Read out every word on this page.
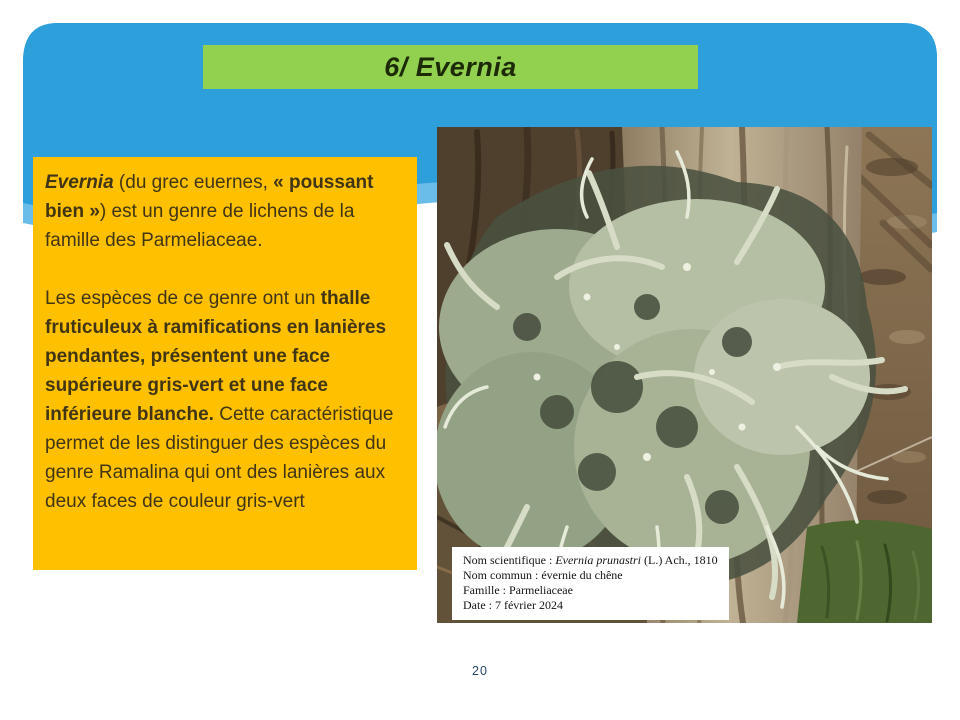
6/ Evernia
Evernia (du grec euernes, « poussant bien ») est un genre de lichens de la famille des Parmeliaceae.
Les espèces de ce genre ont un thalle fruticuleux à ramifications en lanières pendantes, présentent une face supérieure gris-vert et une face inférieure blanche. Cette caractéristique permet de les distinguer des espèces du genre Ramalina qui ont des lanières aux deux faces de couleur gris-vert
Nom scientifique : Evernia prunastri (L.) Ach., 1810
Nom commun : évernie du chêne
Famille : Parmeliaceae
Date : 7 février 2024
20
